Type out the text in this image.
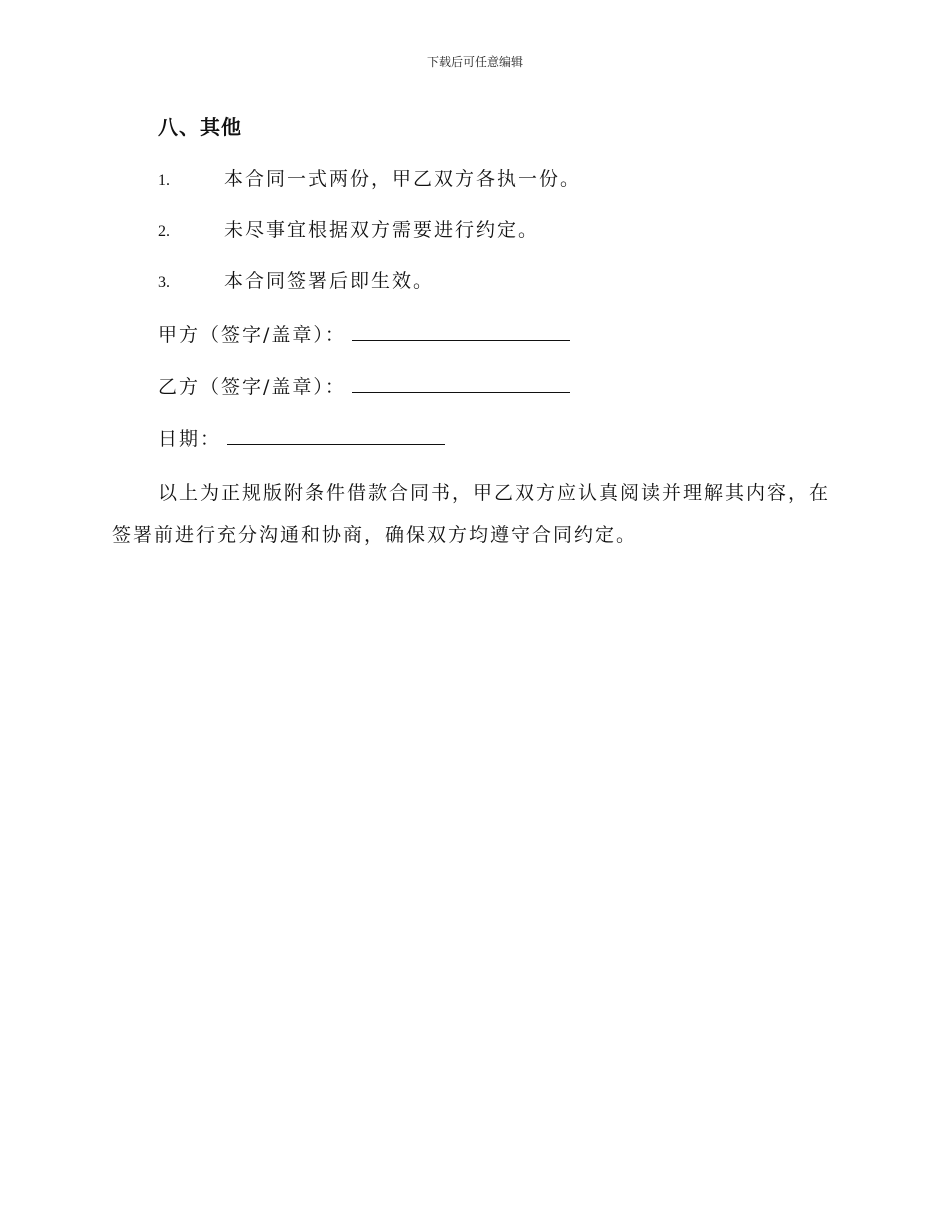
下载后可任意编辑
八、其他
1.	本合同一式两份，甲乙双方各执一份。
2.	未尽事宜根据双方需要进行约定。
3.	本合同签署后即生效。
甲方（签字/盖章）：
乙方（签字/盖章）：
日期：
以上为正规版附条件借款合同书，甲乙双方应认真阅读并理解其内容，在签署前进行充分沟通和协商，确保双方均遵守合同约定。
